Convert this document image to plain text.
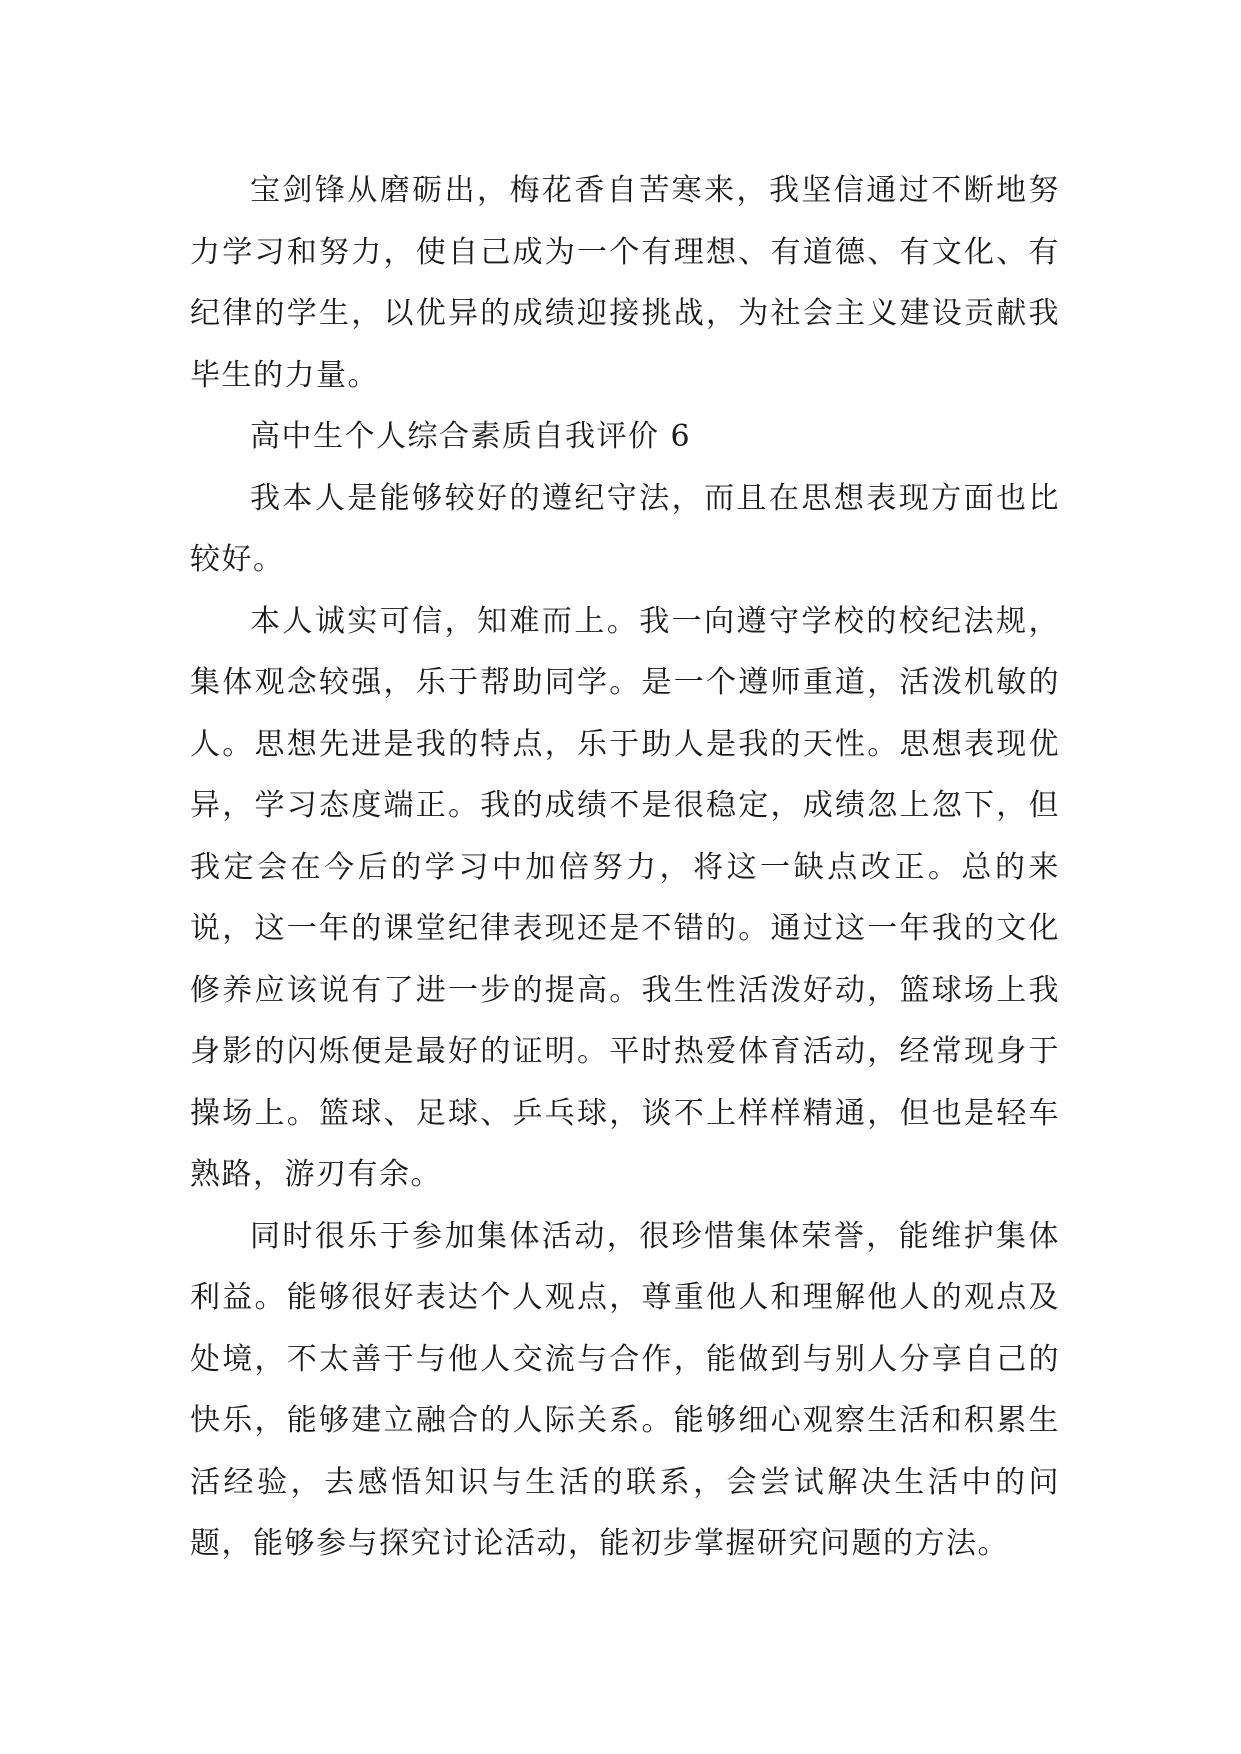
宝剑锋从磨砺出，梅花香自苦寒来，我坚信通过不断地努力学习和努力，使自己成为一个有理想、有道德、有文化、有纪律的学生，以优异的成绩迎接挑战，为社会主义建设贡献我毕生的力量。

高中生个人综合素质自我评价 6

我本人是能够较好的遵纪守法，而且在思想表现方面也比较好。

本人诚实可信，知难而上。我一向遵守学校的校纪法规，集体观念较强，乐于帮助同学。是一个遵师重道，活泼机敏的人。思想先进是我的特点，乐于助人是我的天性。思想表现优异，学习态度端正。我的成绩不是很稳定，成绩忽上忽下，但我定会在今后的学习中加倍努力，将这一缺点改正。总的来说，这一年的课堂纪律表现还是不错的。通过这一年我的文化修养应该说有了进一步的提高。我生性活泼好动，篮球场上我身影的闪烁便是最好的证明。平时热爱体育活动，经常现身于操场上。篮球、足球、乒乓球，谈不上样样精通，但也是轻车熟路，游刃有余。

同时很乐于参加集体活动，很珍惜集体荣誉，能维护集体利益。能够很好表达个人观点，尊重他人和理解他人的观点及处境，不太善于与他人交流与合作，能做到与别人分享自己的快乐，能够建立融合的人际关系。能够细心观察生活和积累生活经验，去感悟知识与生活的联系，会尝试解决生活中的问题，能够参与探究讨论活动，能初步掌握研究问题的方法。
